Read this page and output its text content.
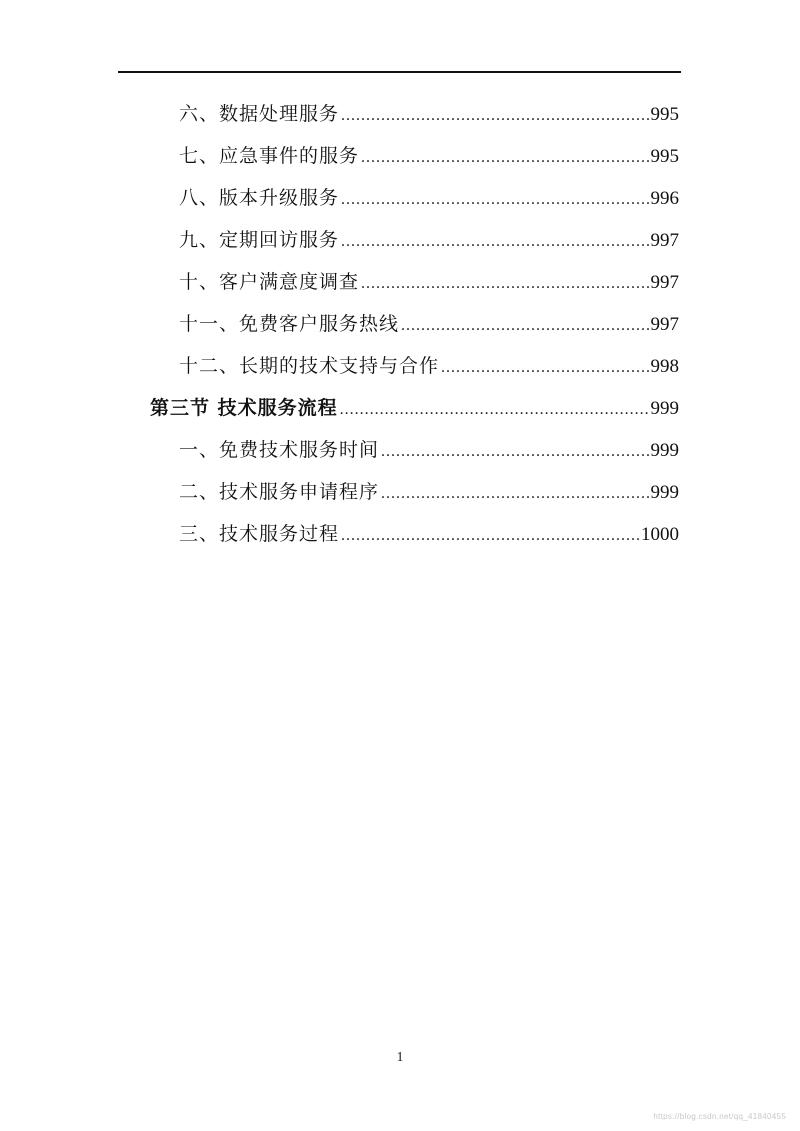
六、数据处理服务 .....	995
七、应急事件的服务 .....	995
八、版本升级服务 .....	996
九、定期回访服务 .....	997
十、客户满意度调查 .....	997
十一、免费客户服务热线 .....	997
十二、长期的技术支持与合作 .....	998
第三节 技术服务流程 .....	999
一、免费技术服务时间 .....	999
二、技术服务申请程序 .....	999
三、技术服务过程 .....	1000
1
https://blog.csdn.net/qq_41840455
